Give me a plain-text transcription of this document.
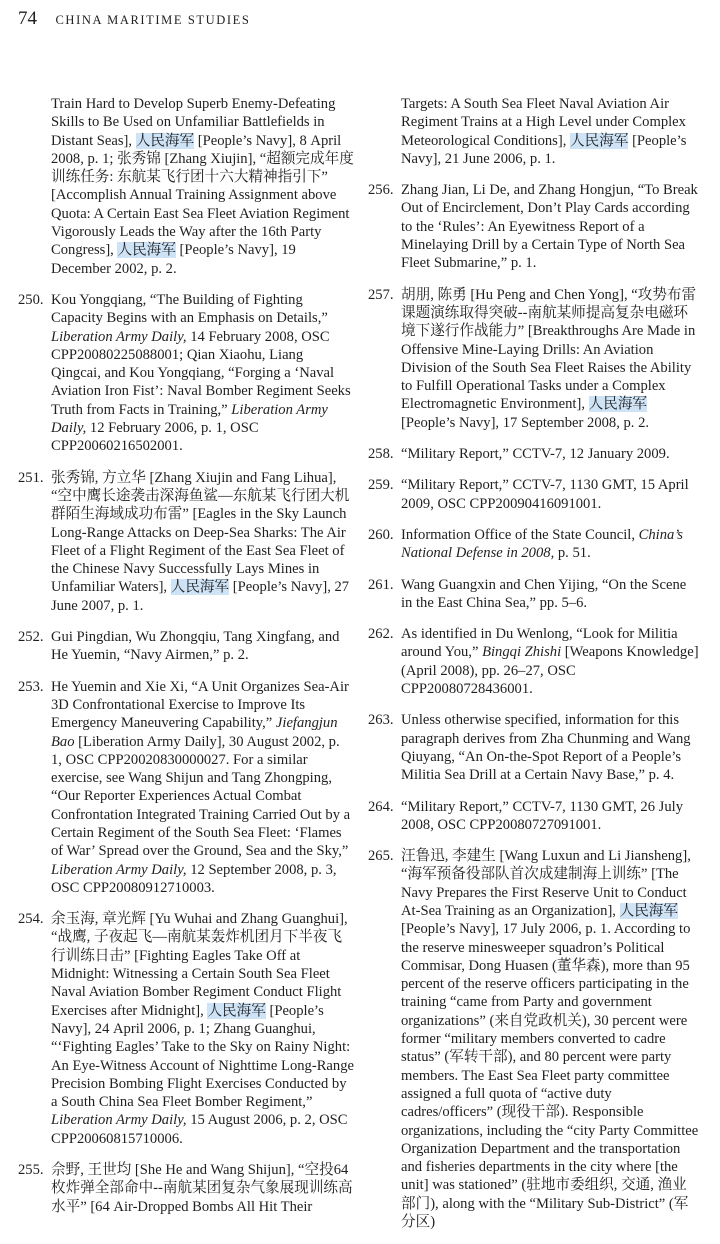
74 CHINA MARITIME STUDIES
Train Hard to Develop Superb Enemy-Defeating Skills to Be Used on Unfamiliar Battlefields in Distant Seas], 人民海军 [People’s Navy], 8 April 2008, p. 1; 张秀锦 [Zhang Xiujin], “超额完成年度训练任务: 东航某飞行团十六大精神指引下” [Accomplish Annual Training Assignment above Quota: A Certain East Sea Fleet Aviation Regiment Vigorously Leads the Way after the 16th Party Congress], 人民海军 [People’s Navy], 19 December 2002, p. 2.
250. Kou Yongqiang, “The Building of Fighting Capacity Begins with an Emphasis on Details,” Liberation Army Daily, 14 February 2008, OSC CPP20080225088001; Qian Xiaohu, Liang Qingcai, and Kou Yongqiang, “Forging a ‘Naval Aviation Iron Fist’: Naval Bomber Regiment Seeks Truth from Facts in Training,” Liberation Army Daily, 12 February 2006, p. 1, OSC CPP20060216502001.
251. 张秀锦, 方立华 [Zhang Xiujin and Fang Lihua], “空中鹰长途袭击深海鱼鲨—东航某飞行团大机群陌生海域成功布雷” [Eagles in the Sky Launch Long-Range Attacks on Deep-Sea Sharks: The Air Fleet of a Flight Regiment of the East Sea Fleet of the Chinese Navy Successfully Lays Mines in Unfamiliar Waters], 人民海军 [People’s Navy], 27 June 2007, p. 1.
252. Gui Pingdian, Wu Zhongqiu, Tang Xingfang, and He Yuemin, “Navy Airmen,” p. 2.
253. He Yuemin and Xie Xi, “A Unit Organizes Sea-Air 3D Confrontational Exercise to Improve Its Emergency Maneuvering Capability,” Jiefangjun Bao [Liberation Army Daily], 30 August 2002, p. 1, OSC CPP20020830000027. For a similar exercise, see Wang Shijun and Tang Zhongping, “Our Reporter Experiences Actual Combat Confrontation Integrated Training Carried Out by a Certain Regiment of the South Sea Fleet: ‘Flames of War’ Spread over the Ground, Sea and the Sky,” Liberation Army Daily, 12 September 2008, p. 3, OSC CPP20080912710003.
254. 余玉海, 章光辉 [Yu Wuhai and Zhang Guanghui], “战鹰, 子夜起飞—南航某轰炸机团月下半夜飞行训练日击” [Fighting Eagles Take Off at Midnight: Witnessing a Certain South Sea Fleet Naval Aviation Bomber Regiment Conduct Flight Exercises after Midnight], 人民海军 [People’s Navy], 24 April 2006, p. 1; Zhang Guanghui, “‘Fighting Eagles’ Take to the Sky on Rainy Night: An Eye-Witness Account of Nighttime Long-Range Precision Bombing Flight Exercises Conducted by a South China Sea Fleet Bomber Regiment,” Liberation Army Daily, 15 August 2006, p. 2, OSC CPP20060815710006.
255. 佘野, 王世均 [She He and Wang Shijun], “空投64枚炸弹全部命中--南航某团复杂气象展现训练高水平” [64 Air-Dropped Bombs All Hit Their
Targets: A South Sea Fleet Naval Aviation Air Regiment Trains at a High Level under Complex Meteorological Conditions], 人民海军 [People’s Navy], 21 June 2006, p. 1.
256. Zhang Jian, Li De, and Zhang Hongjun, “To Break Out of Encirclement, Don’t Play Cards according to the ‘Rules’: An Eyewitness Report of a Minelaying Drill by a Certain Type of North Sea Fleet Submarine,” p. 1.
257. 胡朋, 陈勇 [Hu Peng and Chen Yong], “攻势布雷课题演练取得突破--南航某师提高复杂电磁环境下遂行作战能力” [Breakthroughs Are Made in Offensive Mine-Laying Drills: An Aviation Division of the South Sea Fleet Raises the Ability to Fulfill Operational Tasks under a Complex Electromagnetic Environment], 人民海军 [People’s Navy], 17 September 2008, p. 2.
258. “Military Report,” CCTV-7, 12 January 2009.
259. “Military Report,” CCTV-7, 1130 GMT, 15 April 2009, OSC CPP20090416091001.
260. Information Office of the State Council, China’s National Defense in 2008, p. 51.
261. Wang Guangxin and Chen Yijing, “On the Scene in the East China Sea,” pp. 5–6.
262. As identified in Du Wenlong, “Look for Militia around You,” Bingqi Zhishi [Weapons Knowledge] (April 2008), pp. 26–27, OSC CPP20080728436001.
263. Unless otherwise specified, information for this paragraph derives from Zha Chunming and Wang Qiuyang, “An On-the-Spot Report of a People’s Militia Sea Drill at a Certain Navy Base,” p. 4.
264. “Military Report,” CCTV-7, 1130 GMT, 26 July 2008, OSC CPP20080727091001.
265. 汪鲁迅, 李建生 [Wang Luxun and Li Jiansheng], “海军预备役部队首次成建制海上训练” [The Navy Prepares the First Reserve Unit to Conduct At-Sea Training as an Organization], 人民海军 [People’s Navy], 17 July 2006, p. 1. According to the reserve minesweeper squadron’s Political Commisar, Dong Huasen (董华森), more than 95 percent of the reserve officers participating in the training “came from Party and government organizations” (来自党政机关), 30 percent were former “military members converted to cadre status” (军转干部), and 80 percent were party members. The East Sea Fleet party committee assigned a full quota of “active duty cadres/officers” (现役干部). Responsible organizations, including the “city Party Committee Organization Department and the transportation and fisheries departments in the city where [the unit] was stationed” (驻地市委组织, 交通, 渔业部门), along with the “Military Sub-District” (军分区)
